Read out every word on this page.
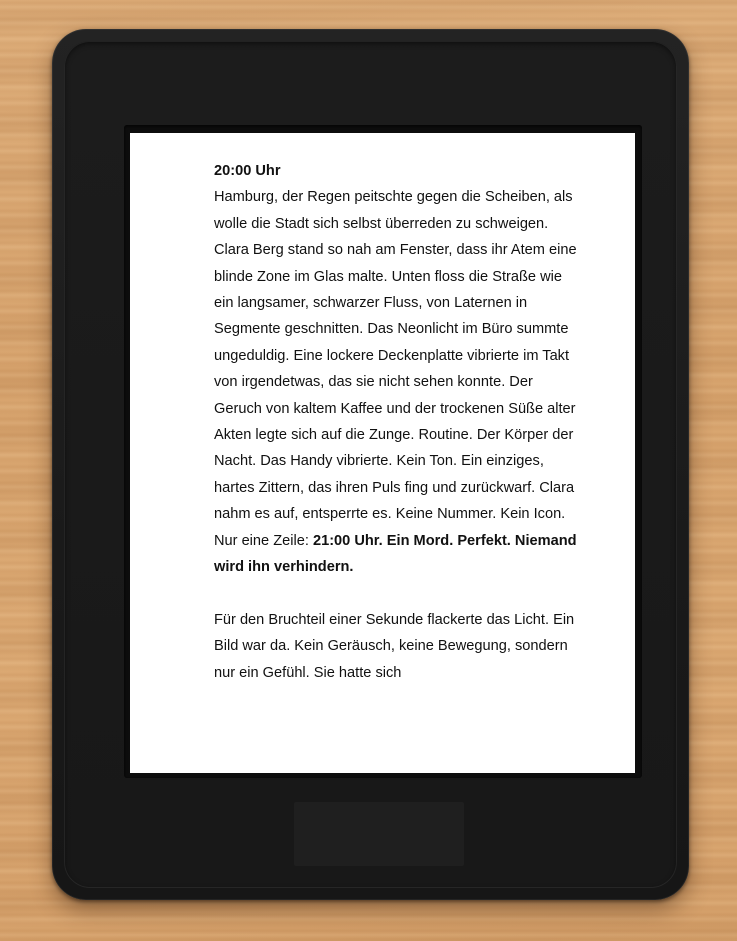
20:00 Uhr
Hamburg, der Regen peitschte gegen die Scheiben, als wolle die Stadt sich selbst überreden zu schweigen. Clara Berg stand so nah am Fenster, dass ihr Atem eine blinde Zone im Glas malte. Unten floss die Straße wie ein langsamer, schwarzer Fluss, von Laternen in Segmente geschnitten. Das Neonlicht im Büro summte ungeduldig. Eine lockere Deckenplatte vibrierte im Takt von irgendetwas, das sie nicht sehen konnte. Der Geruch von kaltem Kaffee und der trockenen Süße alter Akten legte sich auf die Zunge. Routine. Der Körper der Nacht. Das Handy vibrierte. Kein Ton. Ein einziges, hartes Zittern, das ihren Puls fing und zurückwarf. Clara nahm es auf, entsperrte es. Keine Nummer. Kein Icon. Nur eine Zeile: 21:00 Uhr. Ein Mord. Perfekt. Niemand wird ihn verhindern.

Für den Bruchteil einer Sekunde flackerte das Licht. Ein Bild war da. Kein Geräusch, keine Bewegung, sondern nur ein Gefühl. Sie hatte sich
